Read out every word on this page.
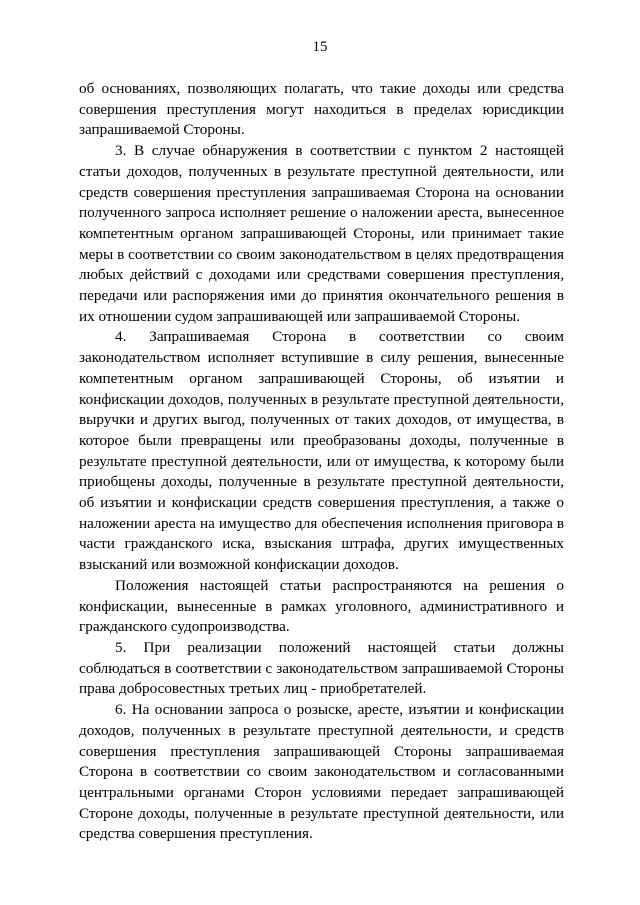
15

об основаниях, позволяющих полагать, что такие доходы или средства совершения преступления могут находиться в пределах юрисдикции запрашиваемой Стороны.

3. В случае обнаружения в соответствии с пунктом 2 настоящей статьи доходов, полученных в результате преступной деятельности, или средств совершения преступления запрашиваемая Сторона на основании полученного запроса исполняет решение о наложении ареста, вынесенное компетентным органом запрашивающей Стороны, или принимает такие меры в соответствии со своим законодательством в целях предотвращения любых действий с доходами или средствами совершения преступления, передачи или распоряжения ими до принятия окончательного решения в их отношении судом запрашивающей или запрашиваемой Стороны.

4. Запрашиваемая Сторона в соответствии со своим законодательством исполняет вступившие в силу решения, вынесенные компетентным органом запрашивающей Стороны, об изъятии и конфискации доходов, полученных в результате преступной деятельности, выручки и других выгод, полученных от таких доходов, от имущества, в которое были превращены или преобразованы доходы, полученные в результате преступной деятельности, или от имущества, к которому были приобщены доходы, полученные в результате преступной деятельности, об изъятии и конфискации средств совершения преступления, а также о наложении ареста на имущество для обеспечения исполнения приговора в части гражданского иска, взыскания штрафа, других имущественных взысканий или возможной конфискации доходов.

Положения настоящей статьи распространяются на решения о конфискации, вынесенные в рамках уголовного, административного и гражданского судопроизводства.

5. При реализации положений настоящей статьи должны соблюдаться в соответствии с законодательством запрашиваемой Стороны права добросовестных третьих лиц - приобретателей.

6. На основании запроса о розыске, аресте, изъятии и конфискации доходов, полученных в результате преступной деятельности, и средств совершения преступления запрашивающей Стороны запрашиваемая Сторона в соответствии со своим законодательством и согласованными центральными органами Сторон условиями передает запрашивающей Стороне доходы, полученные в результате преступной деятельности, или средства совершения преступления.
